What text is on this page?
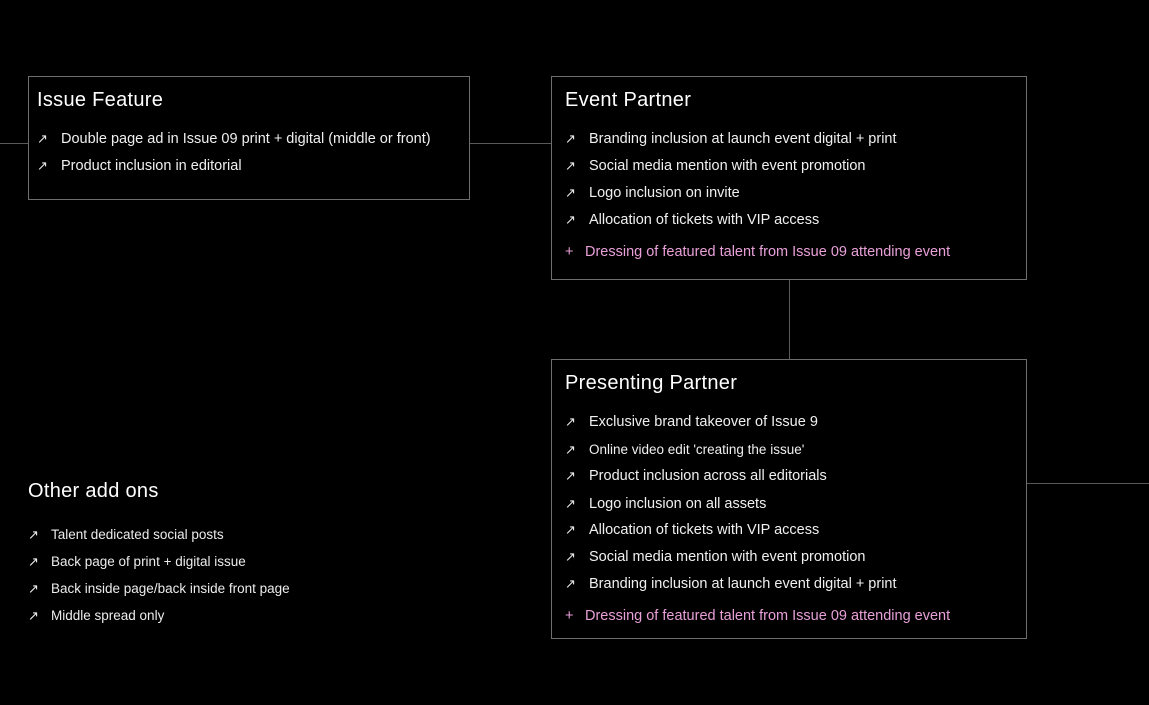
Issue Feature
↗ Double page ad in Issue 09 print + digital (middle or front)
↗ Product inclusion in editorial
Event Partner
↗ Branding inclusion at launch event digital + print
↗ Social media mention with event promotion
↗ Logo inclusion on invite
↗ Allocation of tickets with VIP access
+ Dressing of featured talent from Issue 09 attending event
Presenting Partner
↗ Exclusive brand takeover of Issue 9
↗ Online video edit 'creating the issue'
↗ Product inclusion across all editorials
↗ Logo inclusion on all assets
↗ Allocation of tickets with VIP access
↗ Social media mention with event promotion
↗ Branding inclusion at launch event digital + print
+ Dressing of featured talent from Issue 09 attending event
Other add ons
↗ Talent dedicated social posts
↗ Back page of print + digital issue
↗ Back inside page/back inside front page
↗ Middle spread only
